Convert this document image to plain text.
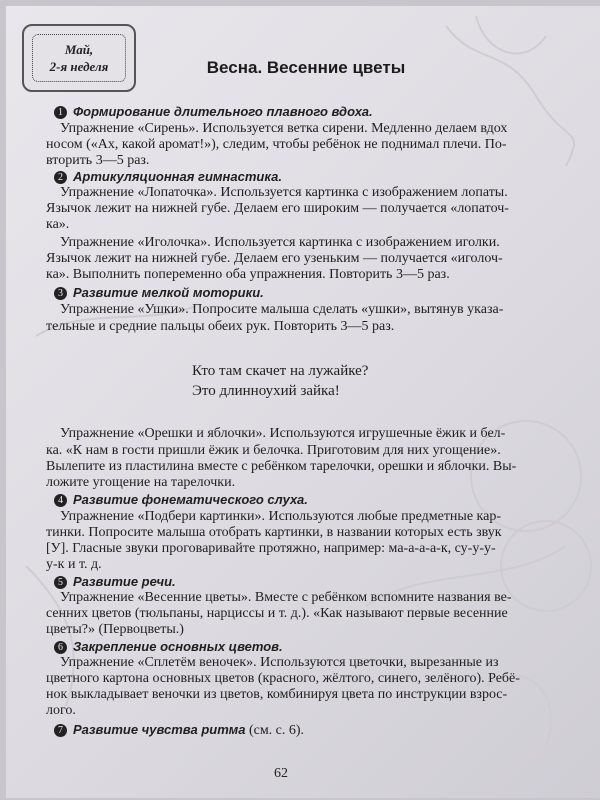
Май,
2-я неделя	Весна. Весенние цветы
1 Формирование длительного плавного вдоха.
Упражнение «Сирень». Используется ветка сирени. Медленно делаем вдох
носом («Ах, какой аромат!»), следим, чтобы ребёнок не поднимал плечи. По-
вторить 3—5 раз.
2 Артикуляционная гимнастика.
Упражнение «Лопаточка». Используется картинка с изображением лопаты.
Язычок лежит на нижней губе. Делаем его широким — получается «лопаточ-
ка».
Упражнение «Иголочка». Используется картинка с изображением иголки.
Язычок лежит на нижней губе. Делаем его узеньким — получается «иголоч-
ка». Выполнить попеременно оба упражнения. Повторить 3—5 раз.
3 Развитие мелкой моторики.
Упражнение «Ушки». Попросите малыша сделать «ушки», вытянув указа-
тельные и средние пальцы обеих рук. Повторить 3—5 раз.
Упражнение «Орешки и яблочки». Используются игрушечные ёжик и бел-
ка. «К нам в гости пришли ёжик и белочка. Приготовим для них угощение».
Вылепите из пластилина вместе с ребёнком тарелочки, орешки и яблочки. Вы-
ложите угощение на тарелочки.
4 Развитие фонематического слуха.
Упражнение «Подбери картинки». Используются любые предметные кар-
тинки. Попросите малыша отобрать картинки, в названии которых есть звук
[У]. Гласные звуки проговаривайте протяжно, например: ма-а-а-а-к, су-у-у-
у-к и т. д.
5 Развитие речи.
Упражнение «Весенние цветы». Вместе с ребёнком вспомните названия ве-
сенних цветов (тюльпаны, нарциссы и т. д.). «Как называют первые весенние
цветы?» (Первоцветы.)
6 Закрепление основных цветов.
Упражнение «Сплетём веночек». Используются цветочки, вырезанные из
цветного картона основных цветов (красного, жёлтого, синего, зелёного). Ребё-
нок выкладывает веночки из цветов, комбинируя цвета по инструкции взрос-
лого.
7 Развитие чувства ритма (см. с. 6).
Кто там скачет на лужайке?
Это длинноухий зайка!
62
